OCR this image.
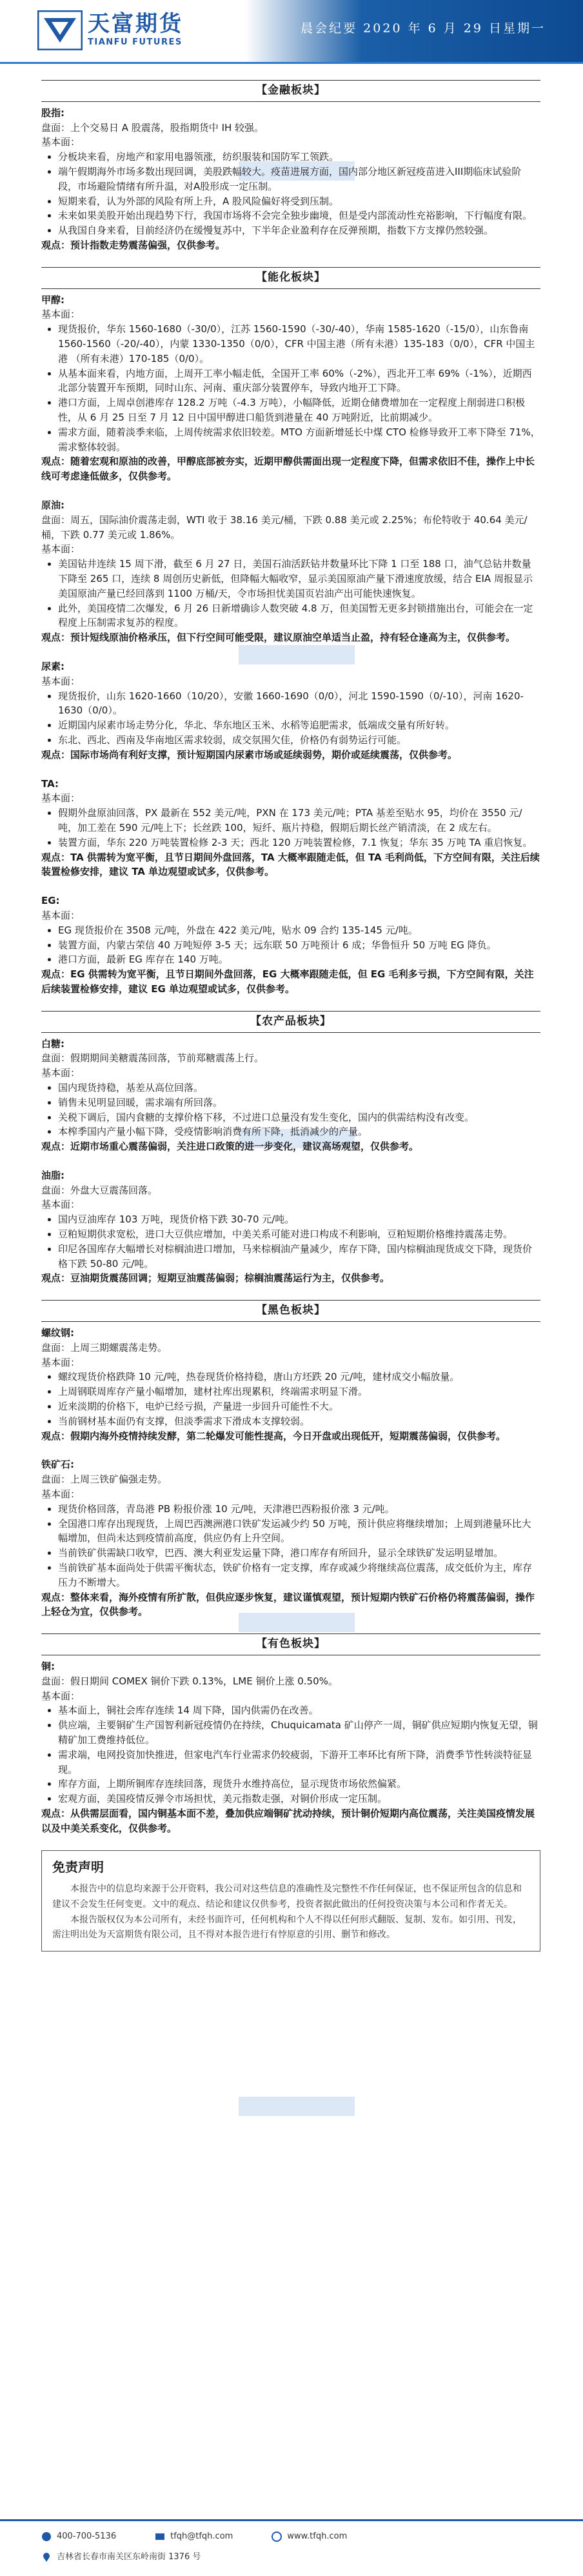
天富期货
TIANFU FUTURES
晨会纪要 2020 年 6 月 29 日星期一
【金融板块】

股指:

盘面：上个交易日 A 股震荡，股指期货中 IH 较强。

基本面：

• 分板块来看，房地产和家用电器领涨，纺织服装和国防军工领跌。
• 端午假期海外市场多数出现回调，美股跌幅较大。疫苗进展方面，国内部分地区新冠疫苗进入III期临床试验阶段，市场避险情绪有所升温，对A股形成一定压制。
• 短期来看，认为外部的风险有所上升，A 股风险偏好将受到压制。
• 未来如果美股开始出现趋势下行，我国市场将不会完全独步幽境，但是受内部流动性充裕影响，下行幅度有限。
• 从我国自身来看，目前经济仍在缓慢复苏中，下半年企业盈利存在反弹预期，指数下方支撑仍然较强。

观点：预计指数走势震荡偏强，仅供参考。

【能化板块】

甲醇:

基本面：

• 现货报价，华东 1560-1680（-30/0），江苏 1560-1590（-30/-40），华南 1585-1620（-15/0），山东鲁南 1560-1560（-20/-40），内蒙 1330-1350（0/0），CFR 中国主港（所有未港）135-183（0/0），CFR 中国主港 （所有未港）170-185（0/0）。
• 从基本面来看，内地方面，上周开工率小幅走低，全国开工率 60%（-2%），西北开工率 69%（-1%），近期西北部分装置开车预期，同时山东、河南、重庆部分装置停车，导致内地开工下降。
• 港口方面，上周卓创港库存 128.2 万吨（-4.3 万吨），小幅降低，近期仓储费增加在一定程度上削弱进口积极性，从 6 月 25 日至 7 月 12 日中国甲醇进口船货到港量在 40 万吨附近，比前期减少。
• 需求方面，随着淡季来临，上周传统需求依旧较差。MTO 方面新增延长中煤 CTO 检修导致开工率下降至 71%，需求整体较弱。

观点：随着宏观和原油的改善，甲醇底部被夯实，近期甲醇供需面出现一定程度下降，但需求依旧不佳，操作上中长线可考虑逢低做多，仅供参考。

原油:

盘面：周五，国际油价震荡走弱，WTI 收于 38.16 美元/桶，下跌 0.88 美元或 2.25%；布伦特收于 40.64 美元/桶，下跌 0.77 美元或 1.86%。

基本面：

• 美国钻井连续 15 周下滑，截至 6 月 27 日，美国石油活跃钻井数量环比下降 1 口至 188 口，油气总钻井数量下降至 265 口，连续 8 周创历史新低，但降幅大幅收窄，显示美国原油产量下滑速度放缓，结合 EIA 周报显示美国原油产量已经回落到 1100 万桶/天，令市场担忧美国页岩油产出可能快速恢复。
• 此外，美国疫情二次爆发，6 月 26 日新增确诊人数突破 4.8 万，但美国暂无更多封锁措施出台，可能会在一定程度上压制需求复苏的程度。

观点：预计短线原油价格承压，但下行空间可能受限，建议原油空单适当止盈，持有轻仓逢高为主，仅供参考。

尿素:

基本面：

• 现货报价，山东 1620-1660（10/20），安徽 1660-1690（0/0），河北 1590-1590（0/-10），河南 1620-1630（0/0）。
• 近期国内尿素市场走势分化，华北、华东地区玉米、水稻等追肥需求，低端成交量有所好转。
• 东北、西北、西南及华南地区需求较弱，成交氛围欠佳，价格仍有弱势运行可能。

观点：国际市场尚有利好支撑，预计短期国内尿素市场或延续弱势，期价或延续震荡，仅供参考。

TA:

基本面：

• 假期外盘原油回落，PX 最新在 552 美元/吨，PXN 在 173 美元/吨；PTA 基差至贴水 95，均价在 3550 元/吨，加工差在 590 元/吨上下；长丝跌 100，短纤、瓶片持稳，假期后期长丝产销清淡，在 2 成左右。
• 装置方面，华东 220 万吨装置检修 2-3 天；西北 120 万吨装置检修，7.1 恢复；华东 35 万吨 TA 重启恢复。

观点：TA 供需转为宽平衡，且节日期间外盘回落，TA 大概率跟随走低，但 TA 毛利尚低，下方空间有限，关注后续装置检修安排，建议 TA 单边观望或试多，仅供参考。

EG:

基本面：

• EG 现货报价在 3508 元/吨，外盘在 422 美元/吨，贴水 09 合约 135-145 元/吨。
• 装置方面，内蒙古荣信 40 万吨短停 3-5 天；远东联 50 万吨预计 6 成；华鲁恒升 50 万吨 EG 降负。
• 港口方面，最新 EG 库存在 140 万吨。

观点：EG 供需转为宽平衡，且节日期间外盘回落，EG 大概率跟随走低，但 EG 毛利多亏损，下方空间有限，关注后续装置检修安排，建议 EG 单边观望或试多，仅供参考。

【农产品板块】

白糖:

盘面：假期期间美糖震荡回落，节前郑糖震荡上行。

基本面：

• 国内现货持稳，基差从高位回落。
• 销售未见明显回暖，需求端有所回落。
• 关税下调后，国内食糖的支撑价格下移，不过进口总量没有发生变化，国内的供需结构没有改变。
• 本榨季国内产量小幅下降，受疫情影响消费有所下降，抵消减少的产量。

观点：近期市场重心震荡偏弱，关注进口政策的进一步变化，建议高场观望，仅供参考。

油脂:

盘面：外盘大豆震荡回落。

基本面：

• 国内豆油库存 103 万吨，现货价格下跌 30-70 元/吨。
• 豆粕短期供求宽松，进口大豆供应增加，中美关系可能对进口构成不利影响，豆粕短期价格维持震荡走势。
• 印尼各国库存大幅增长对棕榈油进口增加，马来棕榈油产量减少，库存下降，国内棕榈油现货成交下降，现货价格下跌 50-80 元/吨。

观点：豆油期货震荡回调；短期豆油震荡偏弱；棕榈油震荡运行为主，仅供参考。

【黑色板块】

螺纹钢:

盘面：上周三期螺震荡走势。

基本面：

• 螺纹现货价格跌降 10 元/吨，热卷现货价格持稳，唐山方坯跌 20 元/吨，建材成交小幅放量。
• 上周钢联周库存产量小幅增加，建材社库出现累积，终端需求明显下滑。
• 近来淡期的价格下，电炉已经亏损，产量进一步回升可能性不大。
• 当前钢材基本面仍有支撑，但淡季需求下滑成本支撑较弱。

观点：假期内海外疫情持续发酵，第二轮爆发可能性提高，今日开盘或出现低开，短期震荡偏弱，仅供参考。

铁矿石:

盘面：上周三铁矿偏强走势。

基本面：

• 现货价格回落，青岛港 PB 粉报价涨 10 元/吨，天津港巴西粉报价涨 3 元/吨。
• 全国港口库存出现现货，上周巴西澳洲港口铁矿发运减少约 50 万吨，预计供应将继续增加；上周到港量环比大幅增加，但尚未达到疫情前高度，供应仍有上升空间。
• 当前铁矿供需缺口收窄，巴西、澳大利亚发运量下降，港口库存有所回升，显示全球铁矿发运明显增加。
• 当前铁矿基本面尚处于供需平衡状态，铁矿价格有一定支撑，库存或减少将继续高位震荡，成交低价为主，库存压力不断增大。

观点：整体来看，海外疫情有所扩散，但供应逐步恢复，建议谨慎观望，预计短期内铁矿石价格仍将震荡偏弱，操作上轻仓为宜，仅供参考。

【有色板块】

铜:

盘面：假日期间 COMEX 铜价下跌 0.13%，LME 铜价上涨 0.50%。

基本面：

• 基本面上，铜社会库存连续 14 周下降，国内供需仍在改善。
• 供应端，主要铜矿生产国智利新冠疫情仍在持续，Chuquicamata 矿山停产一周，铜矿供应短期内恢复无望，铜精矿加工费维持低位。
• 需求端，电网投资加快推进，但家电汽车行业需求仍较疲弱，下游开工率环比有所下降，消费季节性转淡特征显现。
• 库存方面，上期所铜库存连续回落，现货升水维持高位，显示现货市场依然偏紧。
• 宏观方面，美国疫情反弹令市场担忧，美元指数走强，对铜价形成一定压制。

观点：从供需层面看，国内铜基本面不差，叠加供应端铜矿扰动持续，预计铜价短期内高位震荡，关注美国疫情发展以及中美关系变化，仅供参考。

免责声明

本报告中的信息均来源于公开资料，我公司对这些信息的准确性及完整性不作任何保证，也不保证所包含的信息和建议不会发生任何变更。文中的观点、结论和建议仅供参考，投资者据此做出的任何投资决策与本公司和作者无关。

本报告版权仅为本公司所有，未经书面许可，任何机构和个人不得以任何形式翻版、复制、发布。如引用、刊发，需注明出处为天富期货有限公司，且不得对本报告进行有悖原意的引用、删节和修改。

400-700-5136	tfqh@tfqh.com	www.tfqh.com
吉林省长春市南关区东岭南街 1376 号
